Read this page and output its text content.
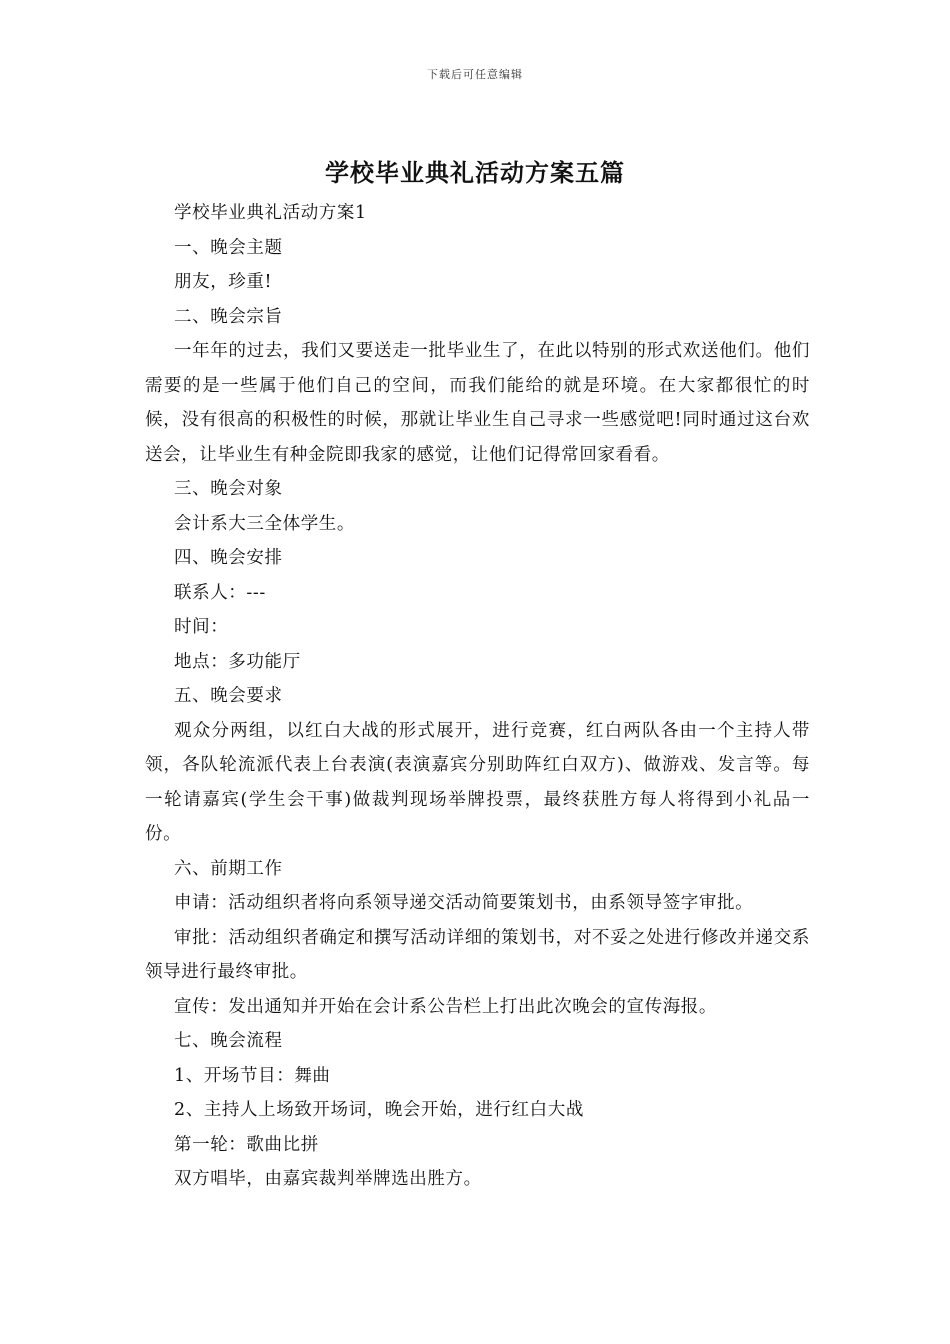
下载后可任意编辑
学校毕业典礼活动方案五篇

学校毕业典礼活动方案1

一、晚会主题

朋友，珍重!

二、晚会宗旨

一年年的过去，我们又要送走一批毕业生了，在此以特别的形式欢送他们。他们需要的是一些属于他们自己的空间，而我们能给的就是环境。在大家都很忙的时候，没有很高的积极性的时候，那就让毕业生自己寻求一些感觉吧!同时通过这台欢送会，让毕业生有种金院即我家的感觉，让他们记得常回家看看。

三、晚会对象

会计系大三全体学生。

四、晚会安排

联系人：---

时间：

地点：多功能厅

五、晚会要求

观众分两组，以红白大战的形式展开，进行竞赛，红白两队各由一个主持人带领，各队轮流派代表上台表演(表演嘉宾分别助阵红白双方)、做游戏、发言等。每一轮请嘉宾(学生会干事)做裁判现场举牌投票，最终获胜方每人将得到小礼品一份。

六、前期工作

申请：活动组织者将向系领导递交活动简要策划书，由系领导签字审批。

审批：活动组织者确定和撰写活动详细的策划书，对不妥之处进行修改并递交系领导进行最终审批。

宣传：发出通知并开始在会计系公告栏上打出此次晚会的宣传海报。

七、晚会流程

1、开场节目：舞曲

2、主持人上场致开场词，晚会开始，进行红白大战

第一轮：歌曲比拼

双方唱毕，由嘉宾裁判举牌选出胜方。
